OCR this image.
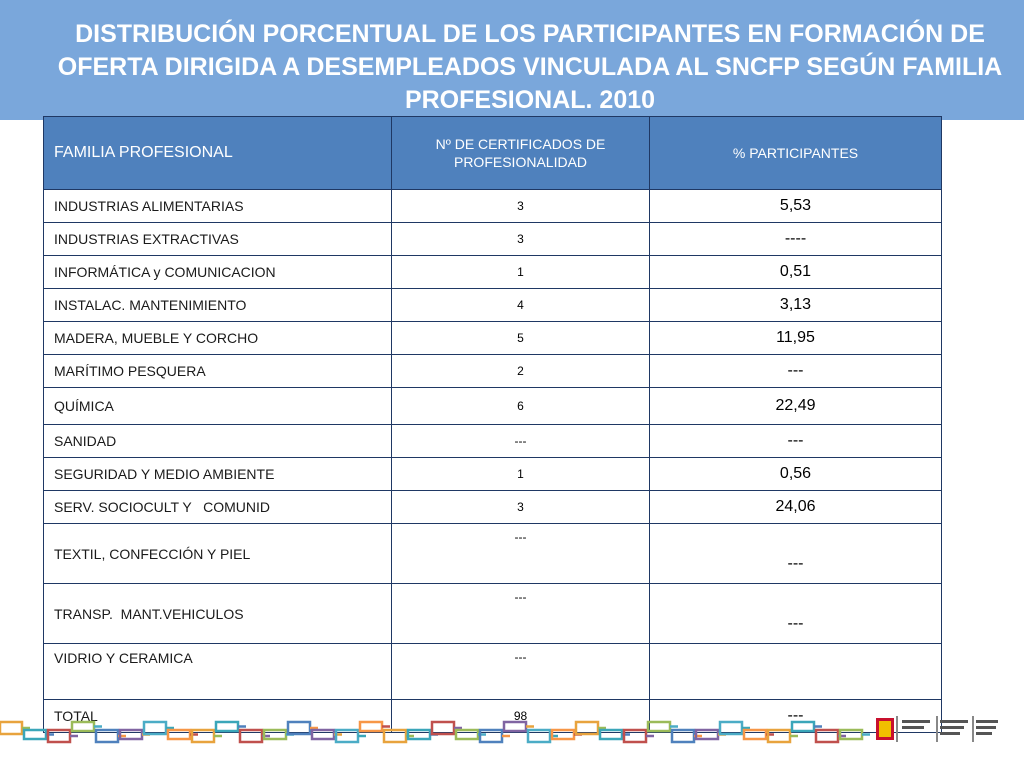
DISTRIBUCIÓN PORCENTUAL DE LOS PARTICIPANTES EN FORMACIÓN DE OFERTA DIRIGIDA A DESEMPLEADOS VINCULADA AL SNCFP SEGÚN FAMILIA PROFESIONAL. 2010
FAMILIA PROFESIONAL	Nº DE CERTIFICADOS DE PROFESIONALIDAD	% PARTICIPANTES
INDUSTRIAS ALIMENTARIAS	3	5,53
INDUSTRIAS EXTRACTIVAS	3	----
INFORMÁTICA y COMUNICACION	1	0,51
INSTALAC. MANTENIMIENTO	4	3,13
MADERA, MUEBLE Y CORCHO	5	11,95
MARÍTIMO PESQUERA	2	---
QUÍMICA	6	22,49
SANIDAD	---	---
SEGURIDAD Y MEDIO AMBIENTE	1	0,56
SERV. SOCIOCULT Y   COMUNID	3	24,06
TEXTIL, CONFECCIÓN Y PIEL	---	---
TRANSP.  MANT.VEHICULOS	---	---
VIDRIO Y CERAMICA	---	
TOTAL	98	---
